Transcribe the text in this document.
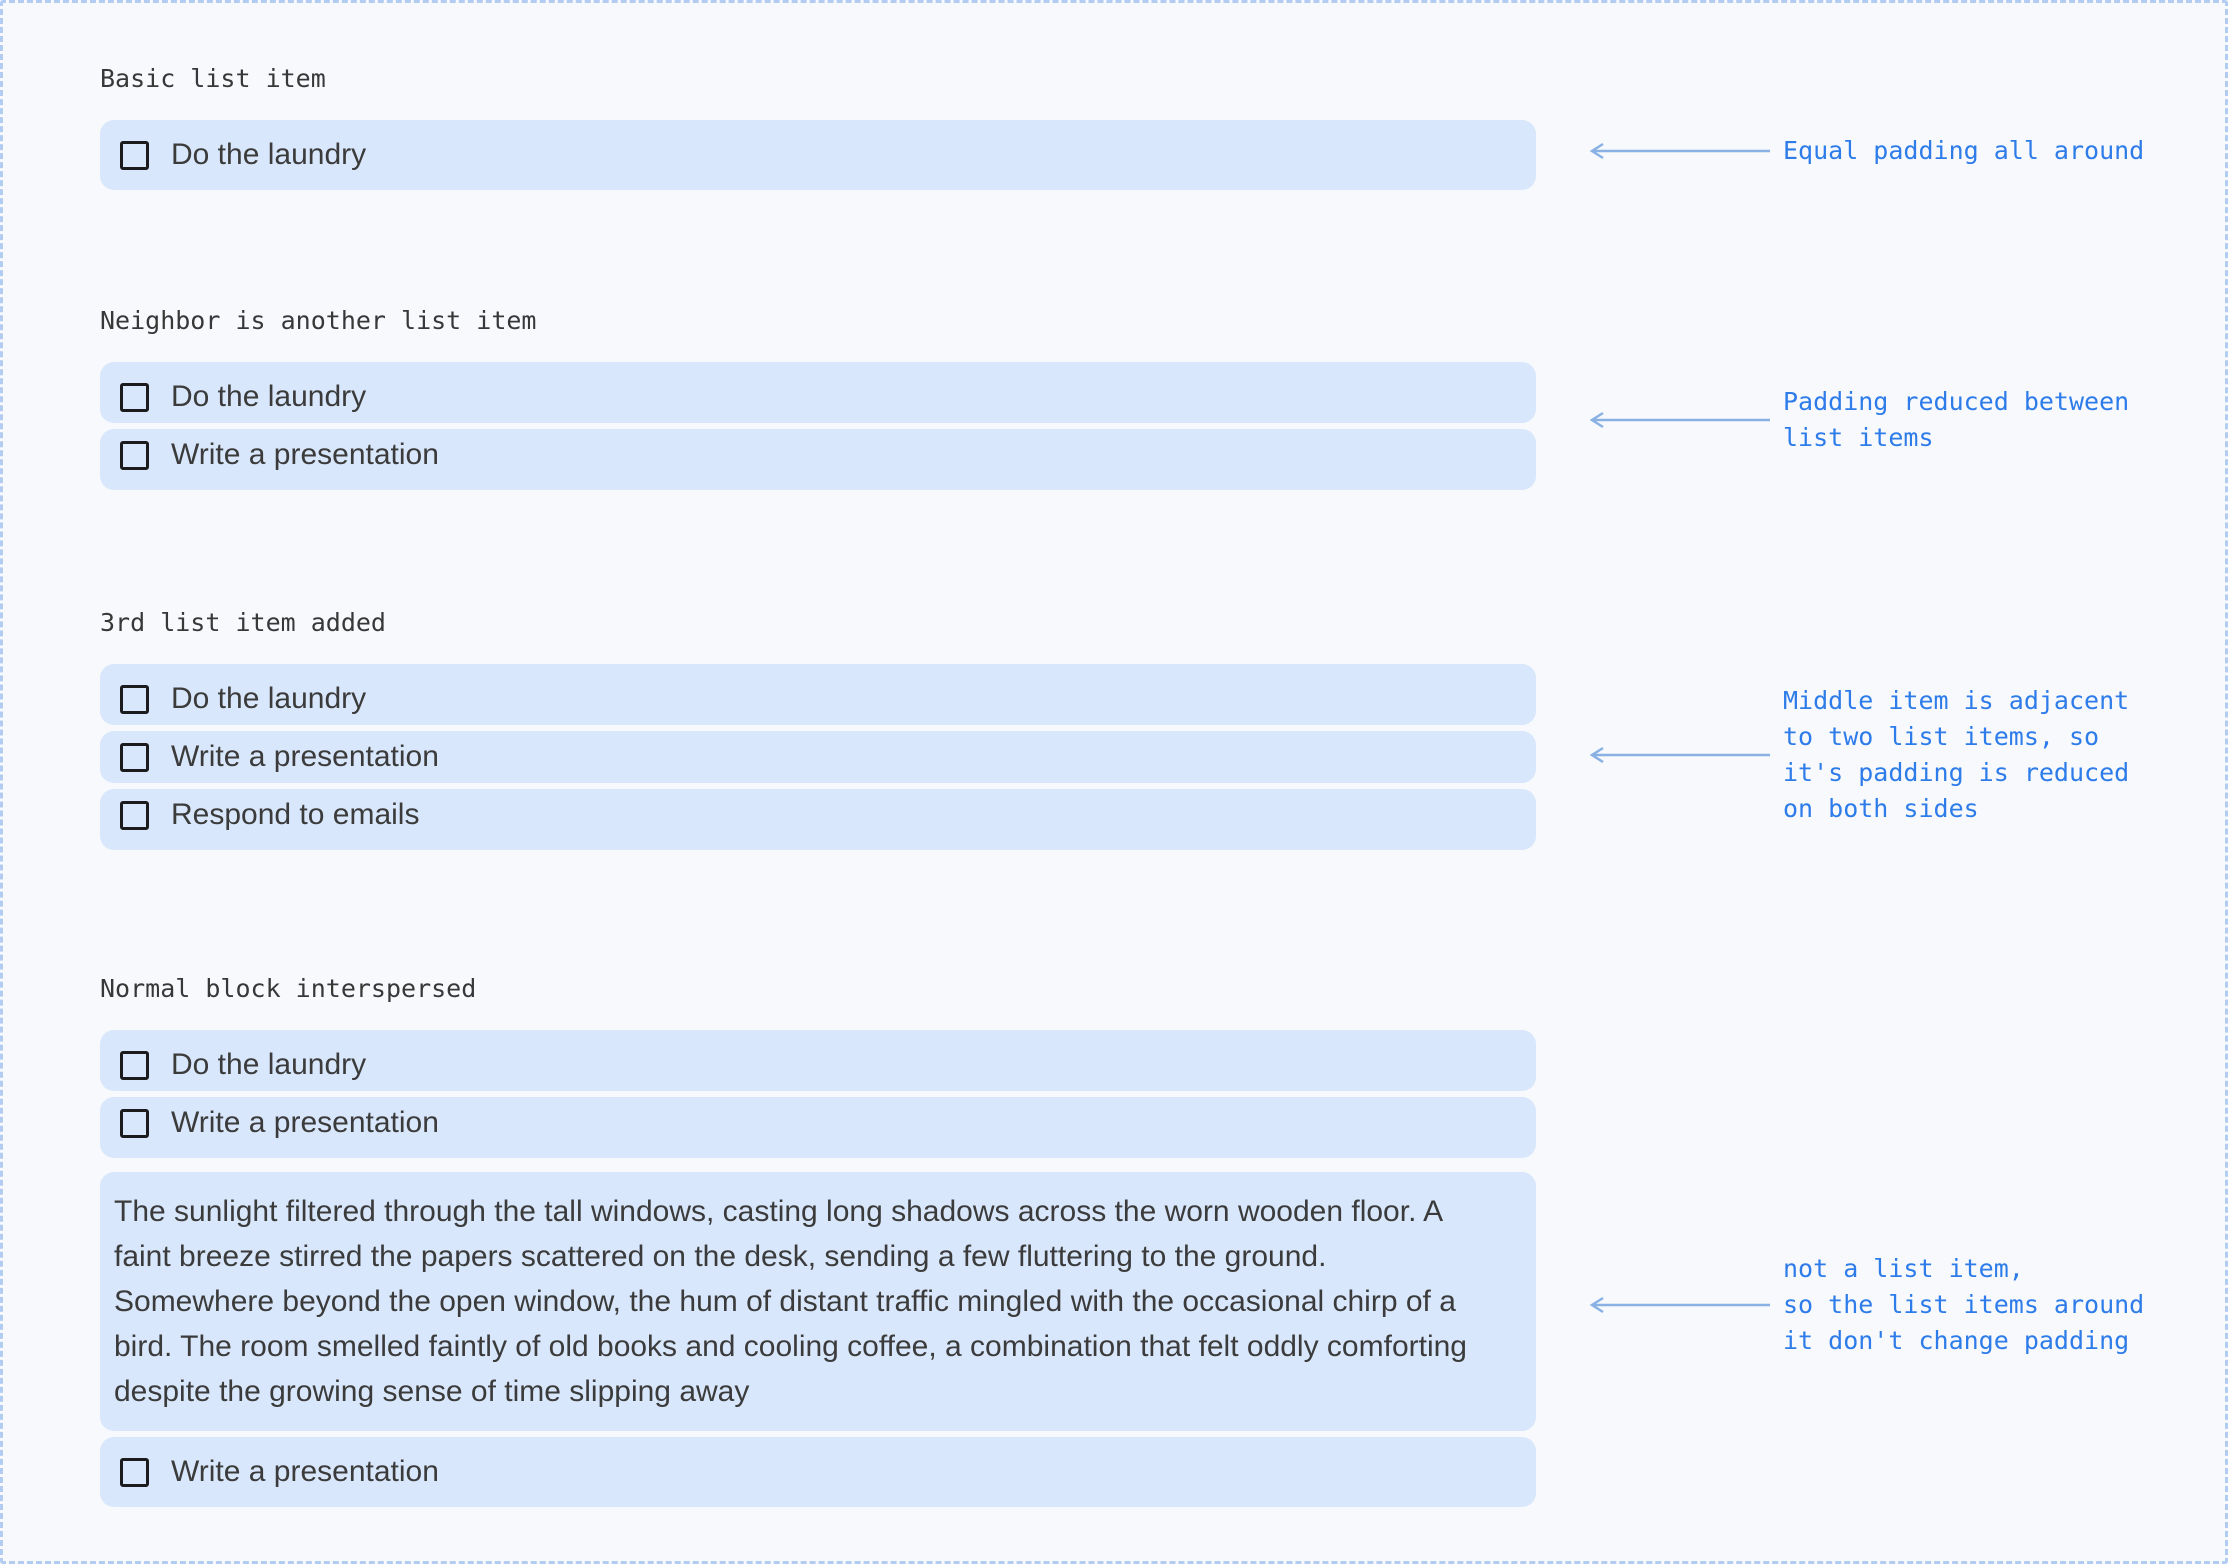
Basic list item
Do the laundry
Neighbor is another list item
Do the laundry
Write a presentation
3rd list item added
Do the laundry
Write a presentation
Respond to emails
Normal block interspersed
Do the laundry
Write a presentation
The sunlight filtered through the tall windows, casting long shadows across the worn wooden floor. A faint breeze stirred the papers scattered on the desk, sending a few fluttering to the ground. Somewhere beyond the open window, the hum of distant traffic mingled with the occasional chirp of a bird. The room smelled faintly of old books and cooling coffee, a combination that felt oddly comforting despite the growing sense of time slipping away
Write a presentation
Equal padding all around
Padding reduced between
list items
Middle item is adjacent
to two list items, so
it's padding is reduced
on both sides
not a list item,
so the list items around
it don't change padding
